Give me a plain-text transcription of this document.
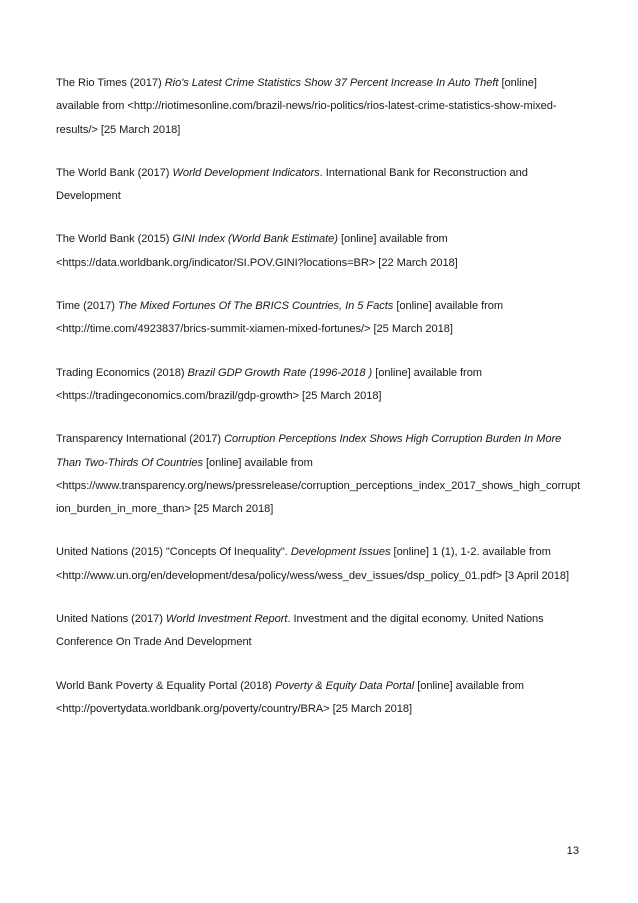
The Rio Times (2017) Rio's Latest Crime Statistics Show 37 Percent Increase In Auto Theft [online] available from <http://riotimesonline.com/brazil-news/rio-politics/rios-latest-crime-statistics-show-mixed-results/> [25 March 2018]

The World Bank (2017) World Development Indicators. International Bank for Reconstruction and Development

The World Bank (2015) GINI Index (World Bank Estimate) [online] available from <https://data.worldbank.org/indicator/SI.POV.GINI?locations=BR> [22 March 2018]

Time (2017) The Mixed Fortunes Of The BRICS Countries, In 5 Facts [online] available from <http://time.com/4923837/brics-summit-xiamen-mixed-fortunes/> [25 March 2018]

Trading Economics (2018) Brazil GDP Growth Rate (1996-2018 ) [online] available from <https://tradingeconomics.com/brazil/gdp-growth> [25 March 2018]

Transparency International (2017) Corruption Perceptions Index Shows High Corruption Burden In More Than Two-Thirds Of Countries [online] available from <https://www.transparency.org/news/pressrelease/corruption_perceptions_index_2017_shows_high_corruption_burden_in_more_than> [25 March 2018]

United Nations (2015) "Concepts Of Inequality". Development Issues [online] 1 (1), 1-2. available from <http://www.un.org/en/development/desa/policy/wess/wess_dev_issues/dsp_policy_01.pdf> [3 April 2018]

United Nations (2017) World Investment Report. Investment and the digital economy. United Nations Conference On Trade And Development

World Bank Poverty & Equality Portal (2018) Poverty & Equity Data Portal [online] available from <http://povertydata.worldbank.org/poverty/country/BRA> [25 March 2018]

13
